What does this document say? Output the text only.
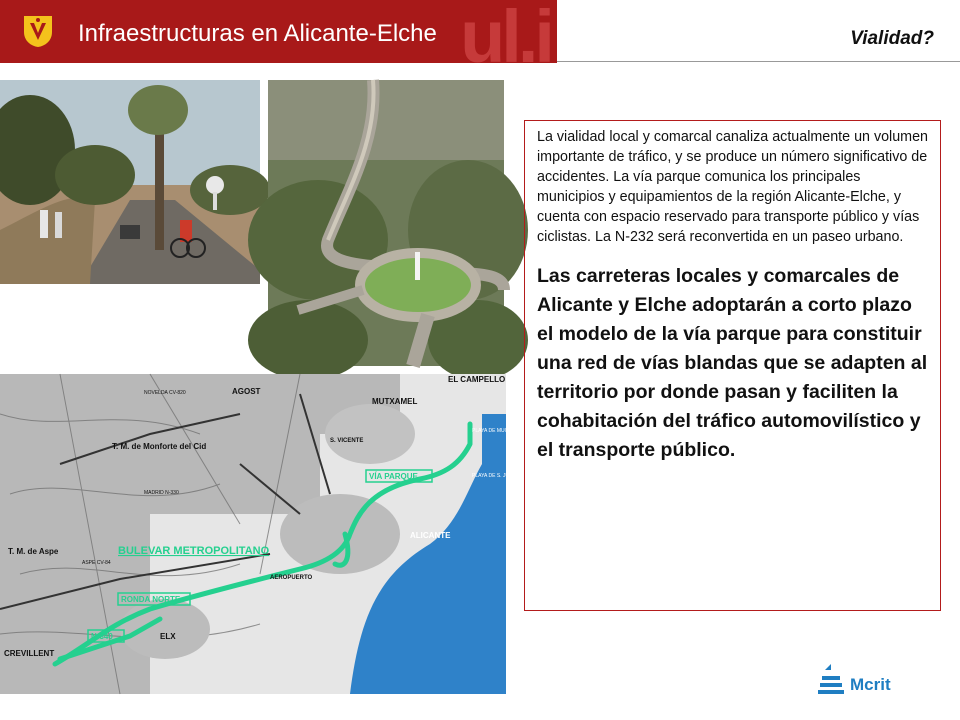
ul.i
Infraestructuras en Alicante-Elche	Vialidad?
VÍA PARQUE
BULEVAR METROPOLITANO
RONDA NORTE
N-340
AGOST
MUTXAMEL
EL CAMPELLO
T. M. de Monforte del Cid
T. M. de Aspe
ALICANTE
CREVILLENT
ELX
S. VICENTE
AEROPUERTO
NOVELDA CV-820
MADRID N-330
ASPE CV-84
PLAYA DE MUCHA VISTA
PLAYA DE S. JUAN

La vialidad local y comarcal canaliza actualmente un volumen importante de tráfico, y se produce un número significativo de accidentes. La vía parque comunica los principales municipios y equipamientos de la región Alicante-Elche, y cuenta con espacio reservado para transporte público y vías ciclistas. La N-232 será reconvertida en un paseo urbano.

Las carreteras locales y comarcales de Alicante y Elche adoptarán a corto plazo el modelo de la vía parque para constituir una red de vías blandas que se adapten al territorio por donde pasan y faciliten la cohabitación del tráfico automovilístico y el transporte público.

Mcrit
